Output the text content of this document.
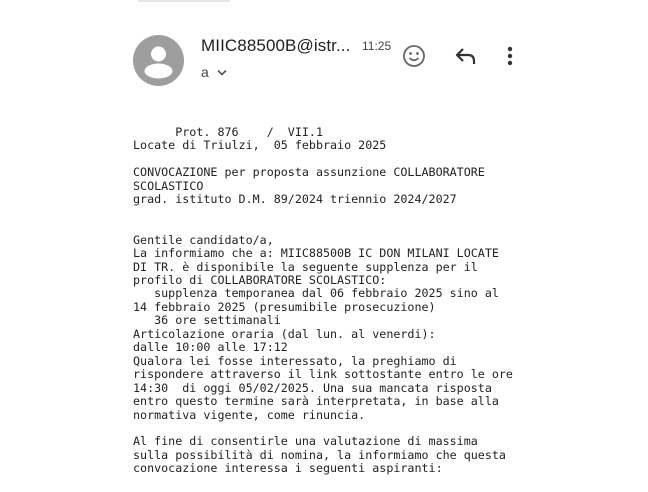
MIIC88500B@istr... 11:25
a
Prot. 876    /  VII.1
Locate di Triulzi,  05 febbraio 2025

CONVOCAZIONE per proposta assunzione COLLABORATORE
SCOLASTICO
grad. istituto D.M. 89/2024 triennio 2024/2027

Gentile candidato/a,
La informiamo che a: MIIC88500B IC DON MILANI LOCATE
DI TR. è disponibile la seguente supplenza per il
profilo di COLLABORATORE SCOLASTICO:
supplenza temporanea dal 06 febbraio 2025 sino al
14 febbraio 2025 (presumibile prosecuzione)
36 ore settimanali
Articolazione oraria (dal lun. al venerdi):
dalle 10:00 alle 17:12
Qualora lei fosse interessato, la preghiamo di
rispondere attraverso il link sottostante entro le ore
14:30  di oggi 05/02/2025. Una sua mancata risposta
entro questo termine sarà interpretata, in base alla
normativa vigente, come rinuncia.

Al fine di consentirle una valutazione di massima
sulla possibilità di nomina, la informiamo che questa
convocazione interessa i seguenti aspiranti:
